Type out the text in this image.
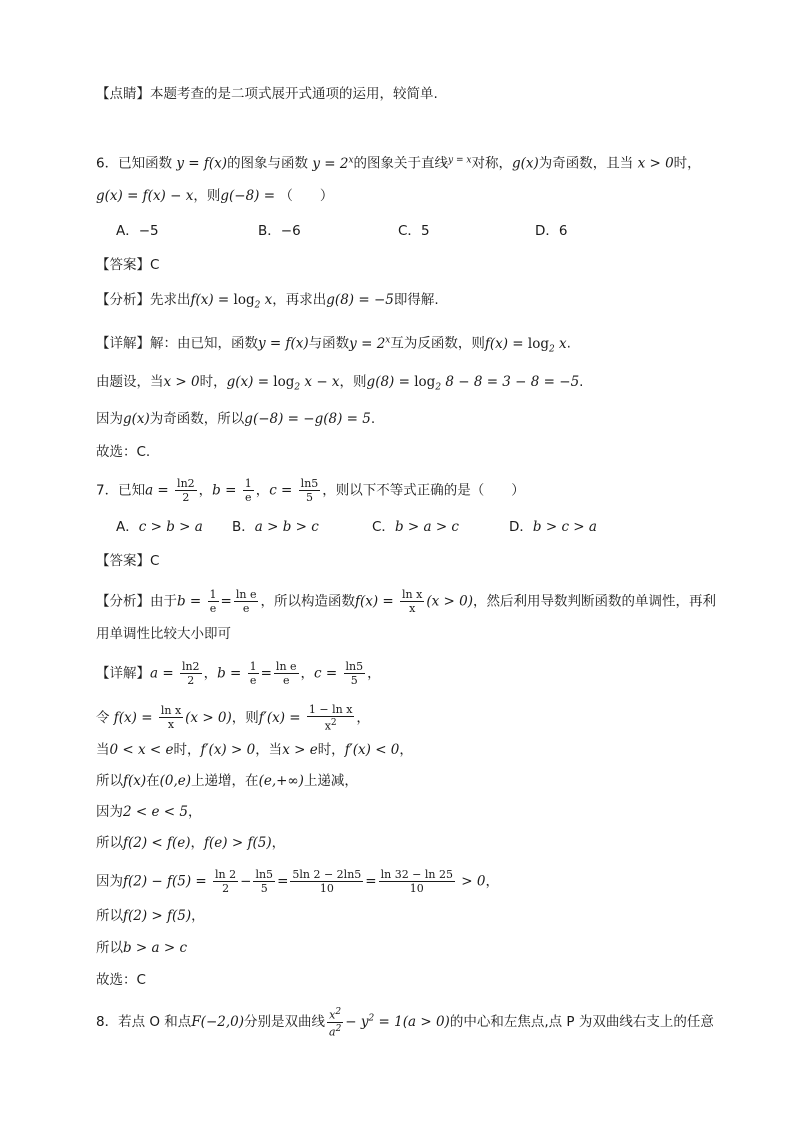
【点睛】本题考查的是二项式展开式通项的运用，较简单.
6．已知函数 y = f(x)的图象与函数 $y = 2^x$的图象关于直线$^{y = x}$对称，g(x)为奇函数，且当 x > 0时，
g(x) = f(x) − x，则g(−8) = （　　）
A．−5	B．−6	C．5	D．6
【答案】C
【分析】先求出$f(x) = \log_2 x$，再求出g(8) = −5即得解.
【详解】解：由已知，函数y = f(x)与函数$y = 2^x$互为反函数，则$f(x) = \log_2 x$.
由题设，当x > 0时，$g(x) = \log_2 x - x$，则$g(8) = \log_2 8 - 8 = 3 - 8 = -5$.
因为g(x)为奇函数，所以g(−8) = −g(8) = 5.
故选：C.
7．已知$a = \frac{\ln 2}{2}$ ，$b = \frac{1}{e}$ ，$c = \frac{\ln 5}{5}$ ，则以下不等式正确的是（　　）
A．c > b > a B．a > b > c	C．b > a > c	D．b > c > a
【答案】C
【分析】由于$b = \frac{1}{e} = \frac{\text{ln e}}{e}$ ，所以构造函数$f(x) = \frac{\text{ln x}}{x} (x > 0)$，然后利用导数判断函数的单调性，再利
用单调性比较大小即可
【详解】$a = \frac{\ln 2}{2}$ ，$b = \frac{1}{e} = \frac{\text{ln e}}{e}$ ，$c = \frac{\ln 5}{5}$ ，
令 $f(x) = \frac{\text{ln x}}{x} (x > 0)$，则$f'(x) = \frac{\text{1 − ln x}}{x^2}$ ，
当0 < x < e时，f′(x) > 0，当x > e时，f′(x) < 0，
所以f(x)在(0,e)上递增，在(e,+∞)上递减，
因为2 < e < 5，
所以f(2) < f(e)，f(e) > f(5)，
因为$f(2) - f(5) = \frac{\ln 2}{2} - \frac{\ln 5}{5} = \frac{5\ln 2 - 2\ln 5}{10} = \frac{\ln 32 - \ln 25}{10} > 0$，
所以f(2) > f(5)，
所以b > a > c
故选：C
8．若点 O 和点F(−2,0)分别是双曲线 $\frac{x^2}{a^2} - y^2 = 1(a > 0)$的中心和左焦点,点 P 为双曲线右支上的任意
